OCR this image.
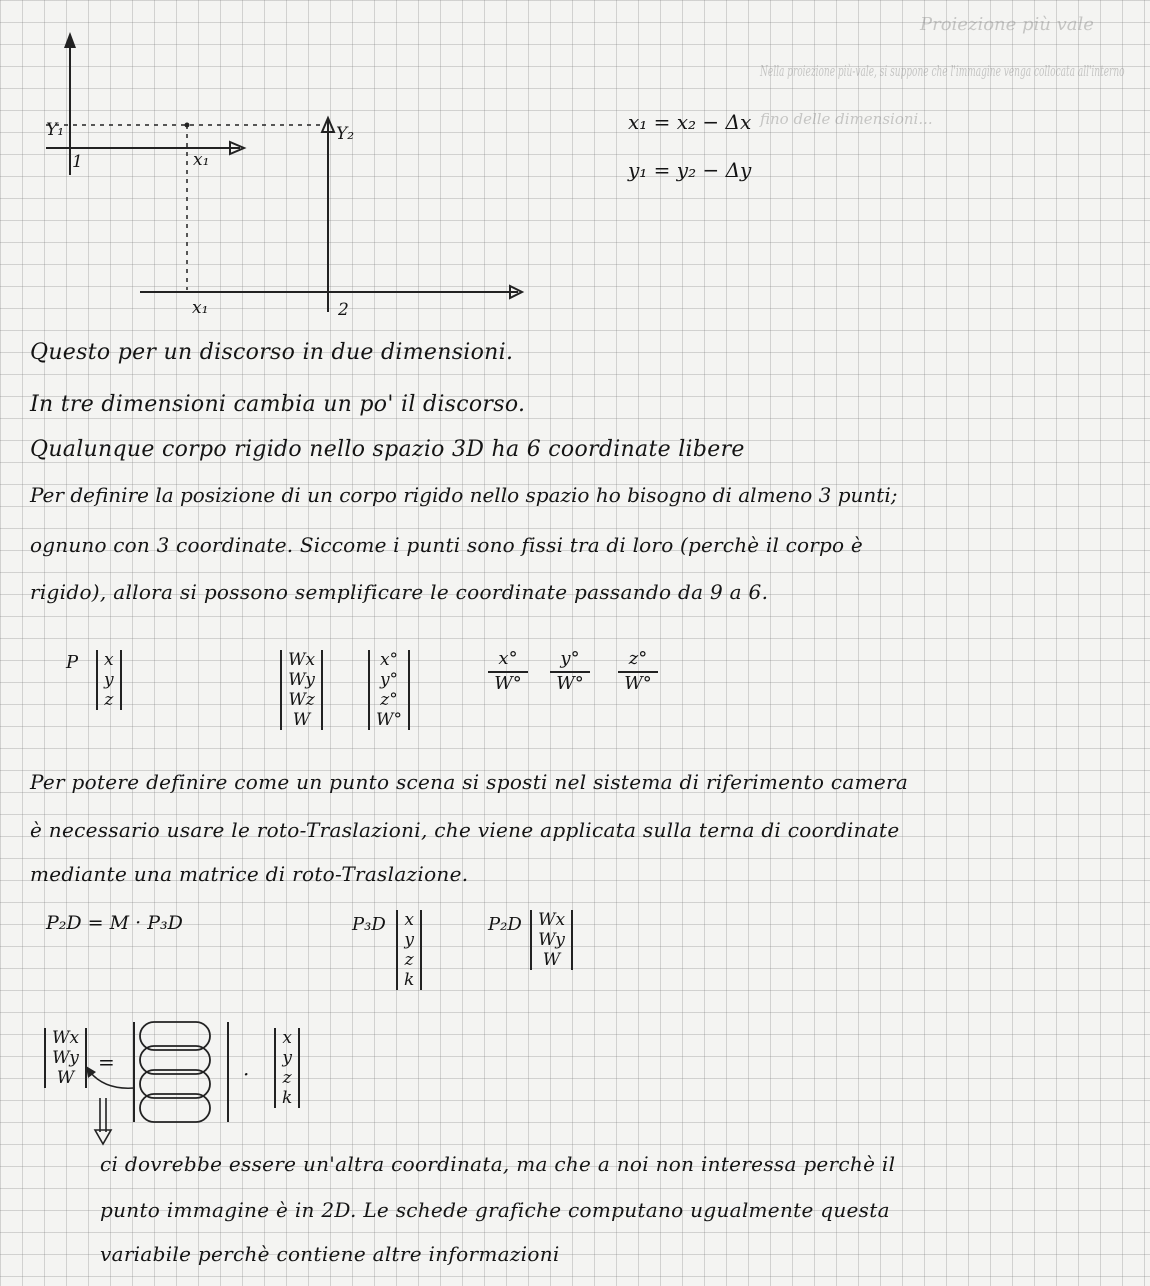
Proiezione più vale
Nella proiezione più-vale, si suppone che l'immagine venga collocata all'interno
fino delle dimensioni...
Y₁
1	x₁
Y₂
x₁	2
x₁ = x₂ − Δx
y₁ = y₂ − Δy
Questo per un discorso in due dimensioni.
In tre dimensioni cambia un po' il discorso.
Qualunque corpo rigido nello spazio 3D ha 6 coordinate libere
Per definire la posizione di un corpo rigido nello spazio ho bisogno di almeno 3 punti;
ognuno con 3 coordinate. Siccome i punti sono fissi tra di loro (perchè il corpo è
rigido), allora si possono semplificare le coordinate passando da 9 a 6.
P x
y
z
Wx
Wy
Wz
W
x°
y°
z°
W°
$\frac{x^\circ}{W^\circ} \frac{y^\circ}{W^\circ} \frac{z^\circ}{W^\circ}$
Per potere definire come un punto scena si sposti nel sistema di riferimento camera
è necessario usare le roto-Traslazioni, che viene applicata sulla terna di coordinate
mediante una matrice di roto-Traslazione.
P₂D = M · P₃D	P₃D x
y
z
k
P₂D Wx
Wy
W
Wx
Wy
W
=	·
x
y
z
k
ci dovrebbe essere un'altra coordinata, ma che a noi non interessa perchè il
punto immagine è in 2D. Le schede grafiche computano ugualmente questa
variabile perchè contiene altre informazioni
